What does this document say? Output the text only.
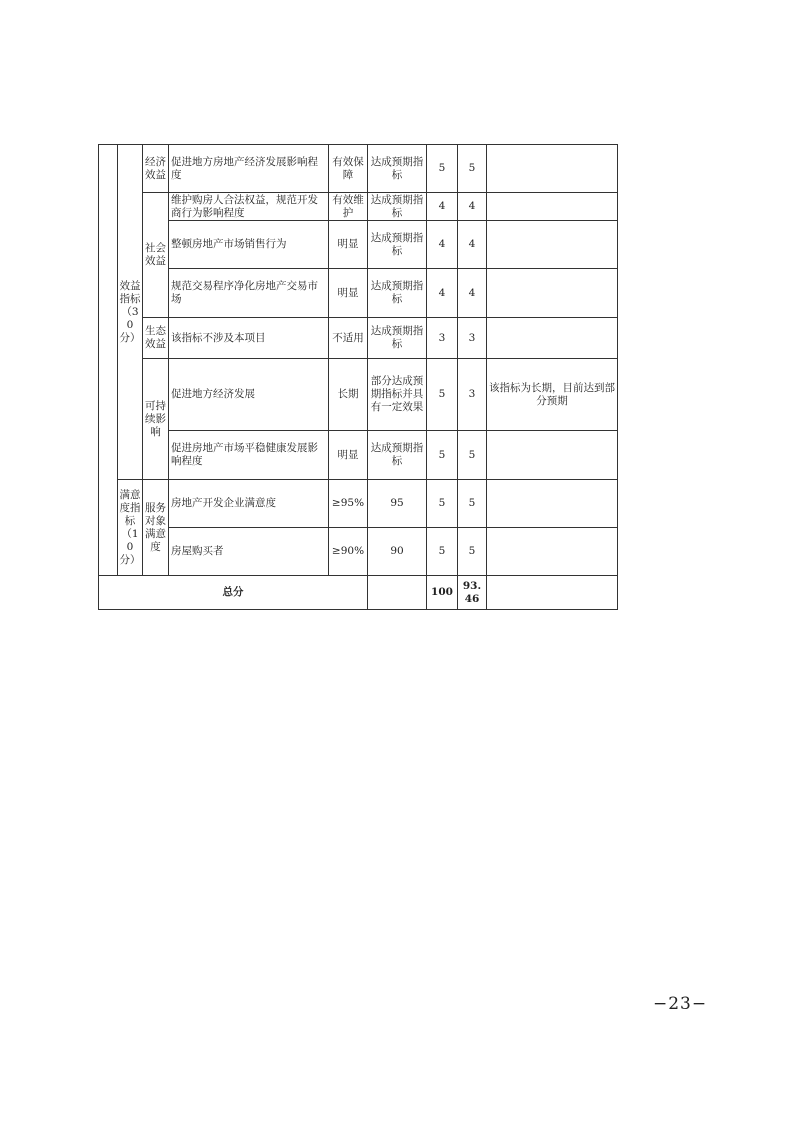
	效益指标（30分）	经济效益	促进地方房地产经济发展影响程度	有效保障	达成预期指标	5	5	
		社会效益	维护购房人合法权益，规范开发商行为影响程度	有效维护	达成预期指标	4	4	
			整顿房地产市场销售行为	明显	达成预期指标	4	4	
			规范交易程序净化房地产交易市场	明显	达成预期指标	4	4	
		生态效益	该指标不涉及本项目	不适用	达成预期指标	3	3	
		可持续影响	促进地方经济发展	长期	部分达成预期指标并具有一定效果	5	3	该指标为长期，目前达到部分预期
			促进房地产市场平稳健康发展影响程度	明显	达成预期指标	5	5	
	满意度指标（10分）	服务对象满意度	房地产开发企业满意度	≥95%	95	5	5	
			房屋购买者	≥90%	90	5	5	
总分						100	93.46	
−23−
